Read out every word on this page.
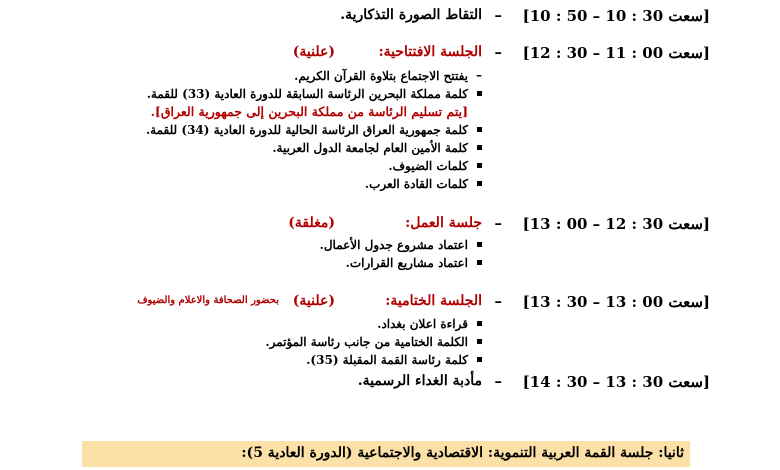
[سعت 30 : 10 – 50 : 10]
–
التقاط الصورة التذكارية.
[سعت 00 : 11 – 30 : 12]
–
الجلسة الافتتاحية:
(علنية)
–
يفتتح الاجتماع بتلاوة القرآن الكريم.
كلمة مملكة البحرين الرئاسة السابقة للدورة العادية (33) للقمة.
[يتم تسليم الرئاسة من مملكة البحرين إلى جمهورية العراق].
كلمة جمهورية العراق الرئاسة الحالية للدورة العادية (34) للقمة.
كلمة الأمين العام لجامعة الدول العربية.
كلمات الضيوف.
كلمات القادة العرب.
[سعت 30 : 12 – 00 : 13]
–
جلسة العمل:
(مغلقة)
اعتماد مشروع جدول الأعمال.
اعتماد مشاريع القرارات.
[سعت 00 : 13 – 30 : 13]
–
الجلسة الختامية:
(علنية)
بحضور الصحافة والاعلام والضيوف
قراءة اعلان بغداد.
الكلمة الختامية من جانب رئاسة المؤتمر.
كلمة رئاسة القمة المقبلة (35).
[سعت 30 : 13 – 30 : 14]
–
مأدبة الغداء الرسمية.
ثانيا: جلسة القمة العربية التنموية: الاقتصادية والاجتماعية (الدورة العادية 5):
